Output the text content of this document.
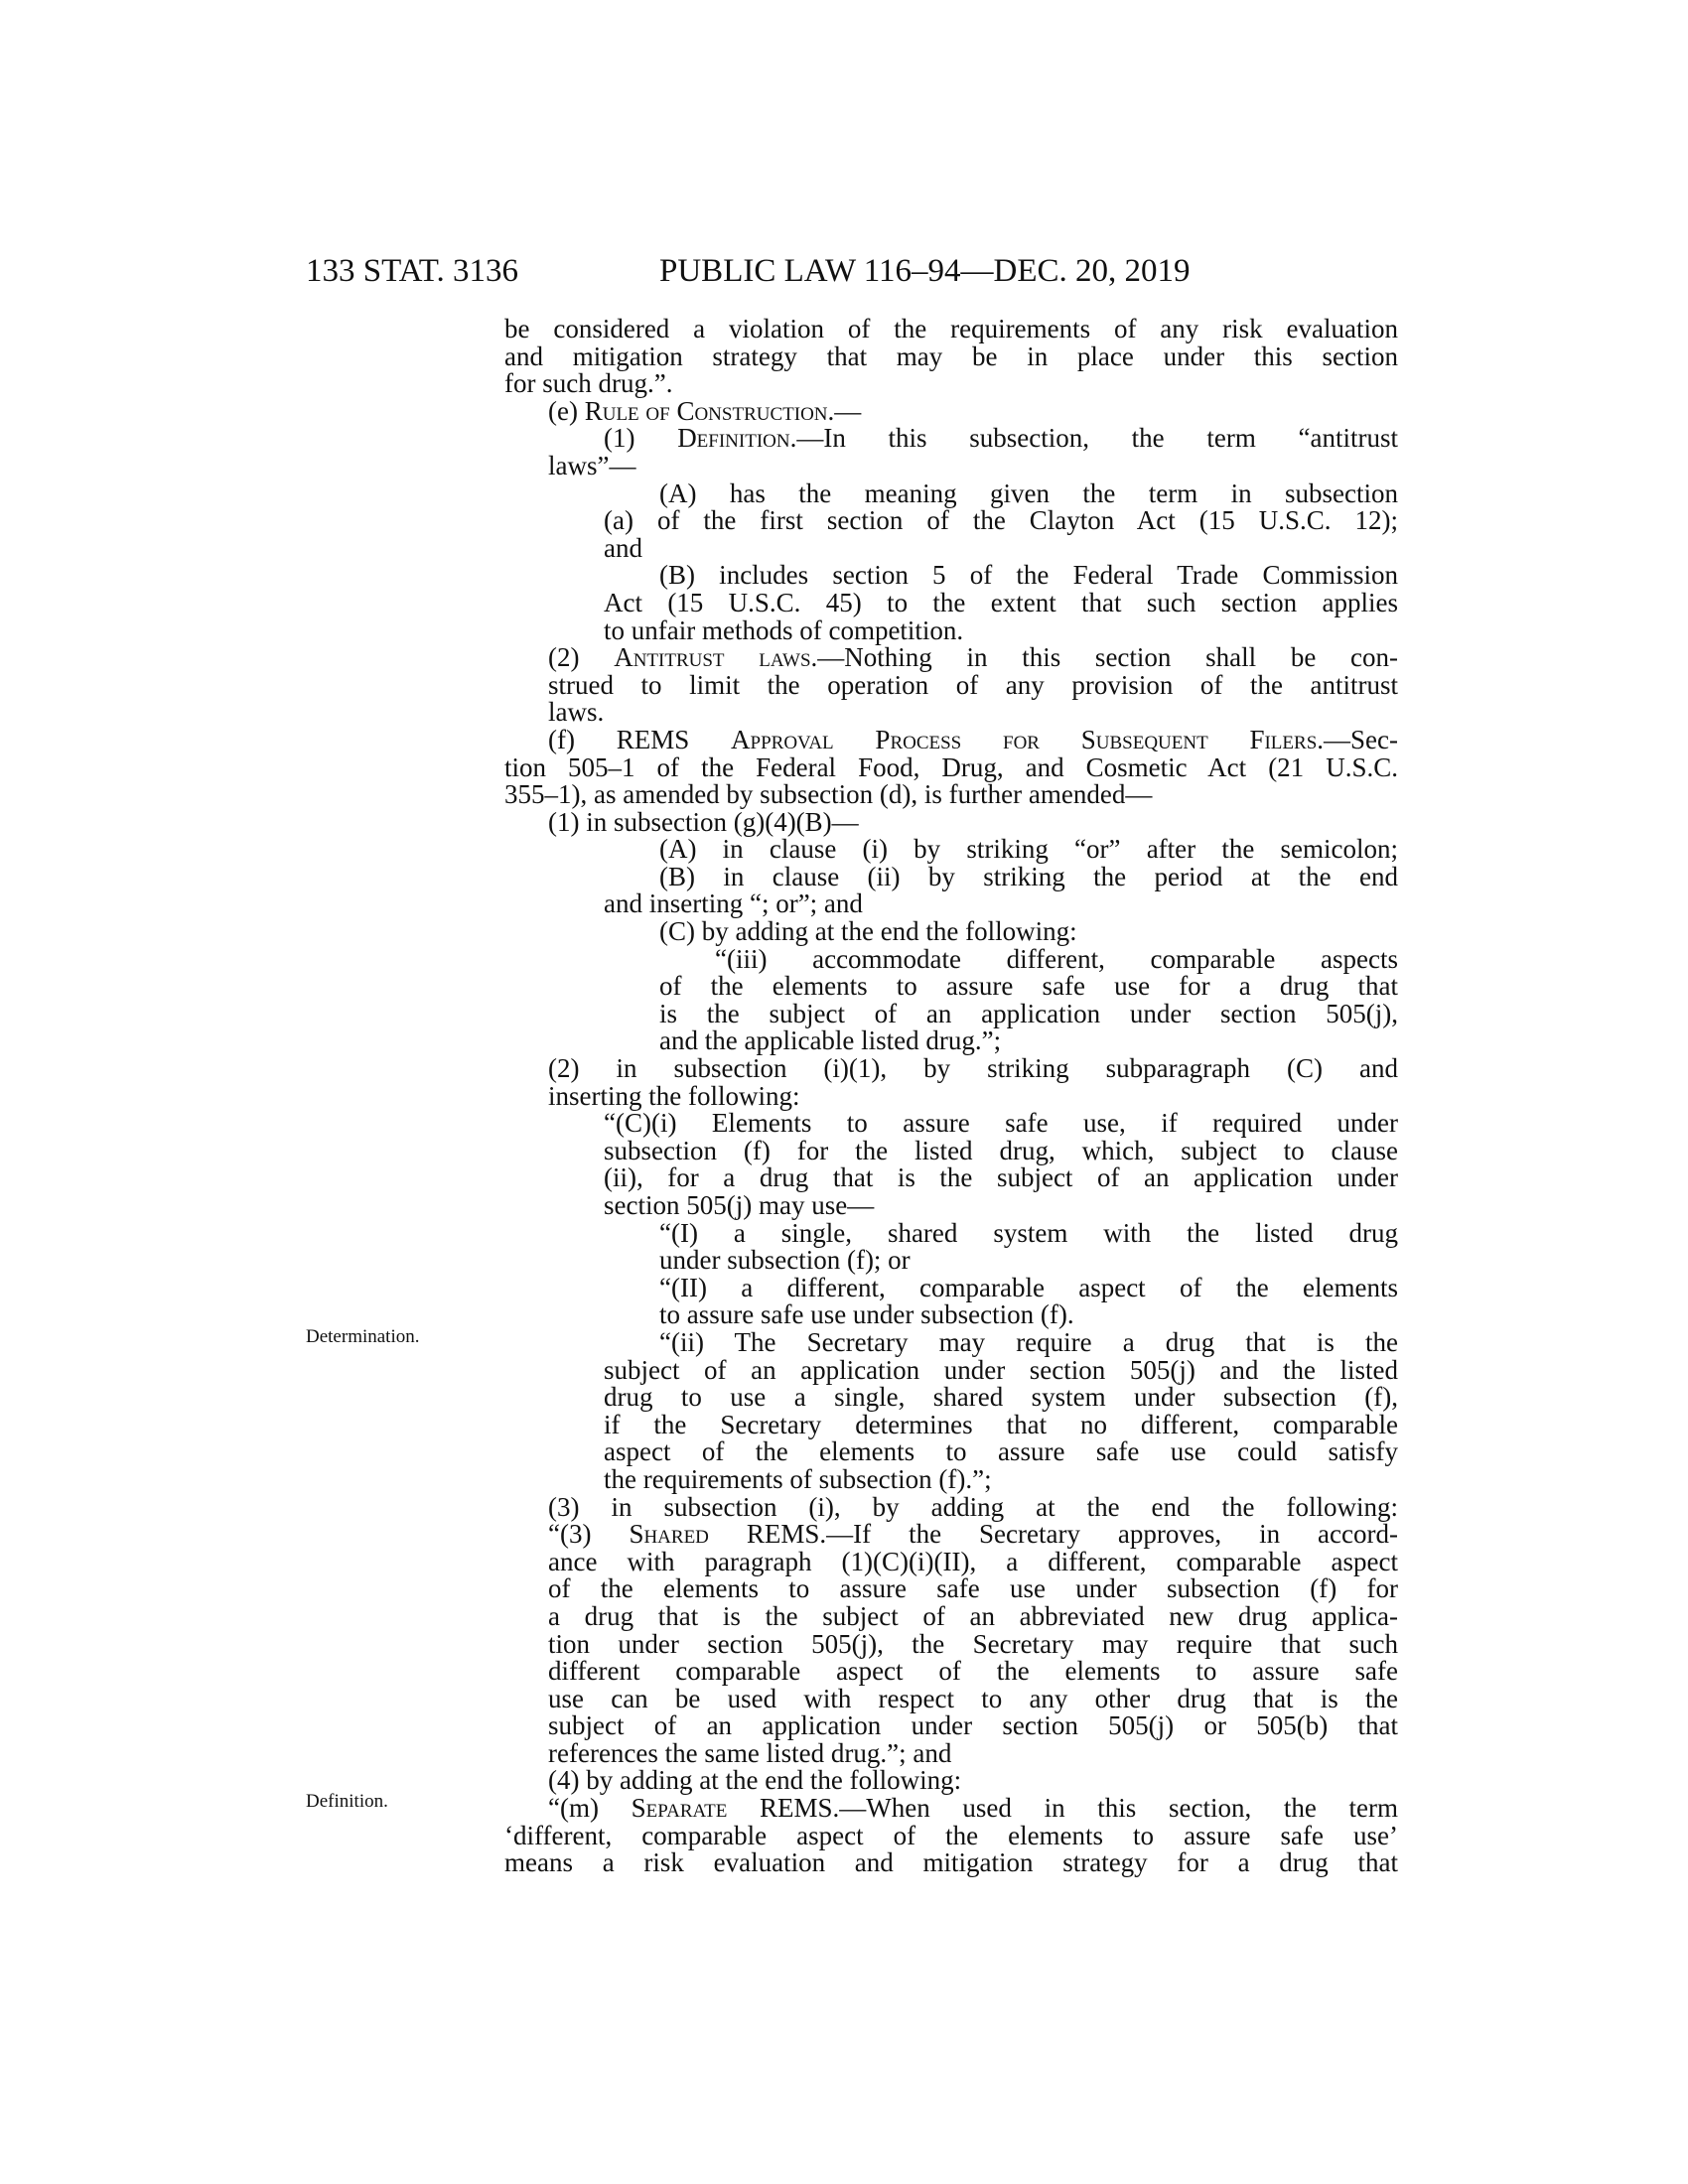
133 STAT. 3136	PUBLIC LAW 116–94—DEC. 20, 2019
Determination.
Definition.
be considered a violation of the requirements of any risk evaluation
and mitigation strategy that may be in place under this section
for such drug.”.
(e) Rule of Construction.—
(1) Definition.—In this subsection, the term “antitrust
laws”—
(A) has the meaning given the term in subsection
(a) of the first section of the Clayton Act (15 U.S.C. 12);
and
(B) includes section 5 of the Federal Trade Commission
Act (15 U.S.C. 45) to the extent that such section applies
to unfair methods of competition.
(2) Antitrust laws.—Nothing in this section shall be con-
strued to limit the operation of any provision of the antitrust
laws.
(f) REMS Approval Process for Subsequent Filers.—Sec-
tion 505–1 of the Federal Food, Drug, and Cosmetic Act (21 U.S.C.
355–1), as amended by subsection (d), is further amended—
(1) in subsection (g)(4)(B)—
(A) in clause (i) by striking “or” after the semicolon;
(B) in clause (ii) by striking the period at the end
and inserting “; or”; and
(C) by adding at the end the following:
“(iii) accommodate different, comparable aspects
of the elements to assure safe use for a drug that
is the subject of an application under section 505(j),
and the applicable listed drug.”;
(2) in subsection (i)(1), by striking subparagraph (C) and
inserting the following:
“(C)(i) Elements to assure safe use, if required under
subsection (f) for the listed drug, which, subject to clause
(ii), for a drug that is the subject of an application under
section 505(j) may use—
“(I) a single, shared system with the listed drug
under subsection (f); or
“(II) a different, comparable aspect of the elements
to assure safe use under subsection (f).
“(ii) The Secretary may require a drug that is the
subject of an application under section 505(j) and the listed
drug to use a single, shared system under subsection (f),
if the Secretary determines that no different, comparable
aspect of the elements to assure safe use could satisfy
the requirements of subsection (f).”;
(3) in subsection (i), by adding at the end the following:
“(3) Shared REMS.—If the Secretary approves, in accord-
ance with paragraph (1)(C)(i)(II), a different, comparable aspect
of the elements to assure safe use under subsection (f) for
a drug that is the subject of an abbreviated new drug applica-
tion under section 505(j), the Secretary may require that such
different comparable aspect of the elements to assure safe
use can be used with respect to any other drug that is the
subject of an application under section 505(j) or 505(b) that
references the same listed drug.”; and
(4) by adding at the end the following:
“(m) Separate REMS.—When used in this section, the term
‘different, comparable aspect of the elements to assure safe use’
means a risk evaluation and mitigation strategy for a drug that
